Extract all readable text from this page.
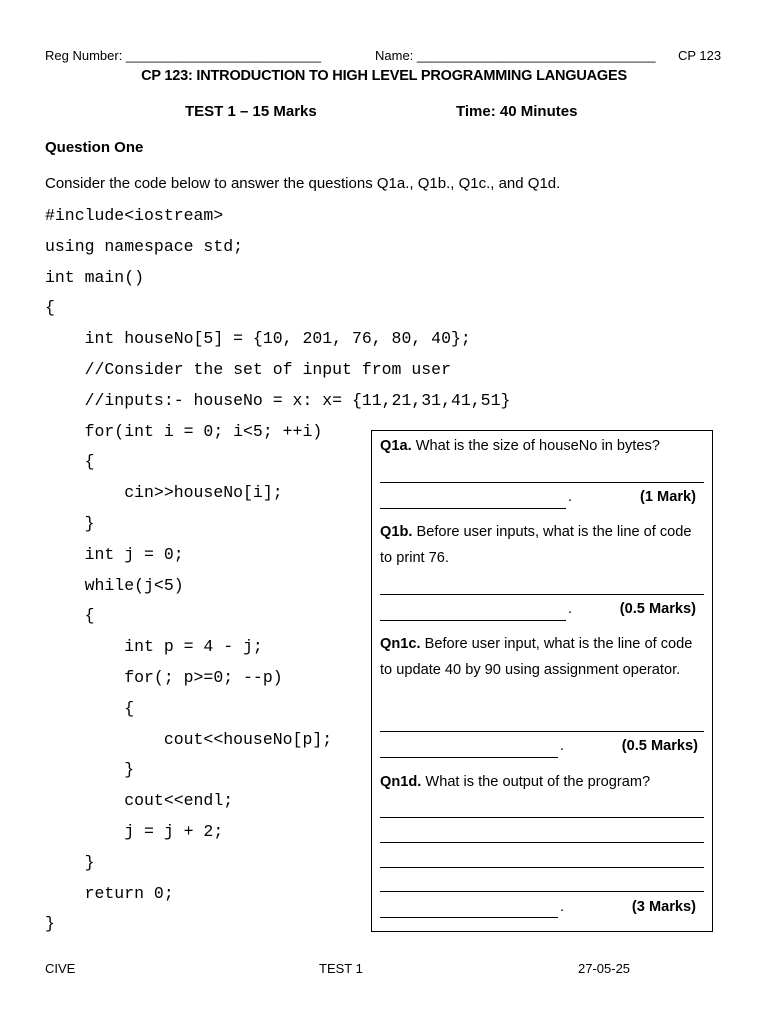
Reg Number: ___________________________	Name: _________________________________ CP 123
CP 123: INTRODUCTION TO HIGH LEVEL PROGRAMMING LANGUAGES
TEST 1 – 15 Marks	Time: 40 Minutes
Question One
Consider the code below to answer the questions Q1a., Q1b., Q1c., and Q1d.
#include<iostream>
using namespace std;
int main()
{
int houseNo[5] = {10, 201, 76, 80, 40};
//Consider the set of input from user
//inputs:- houseNo = x: x= {11,21,31,41,51}
for(int i = 0; i<5; ++i)
{
cin>>houseNo[i];
}
int j = 0;
while(j<5)
{
int p = 4 - j;
for(; p>=0; --p)
{
cout<<houseNo[p];
}
cout<<endl;
j = j + 2;
}
return 0;
}
Q1a. What is the size of houseNo in bytes?
.	(1 Mark)
Q1b. Before user inputs, what is the line of code to print 76.
.	(0.5 Marks)
Qn1c. Before user input, what is the line of code to update 40 by 90 using assignment operator.
.	(0.5 Marks)
Qn1d. What is the output of the program?
.	(3 Marks)
CIVE	TEST 1	27-05-25
